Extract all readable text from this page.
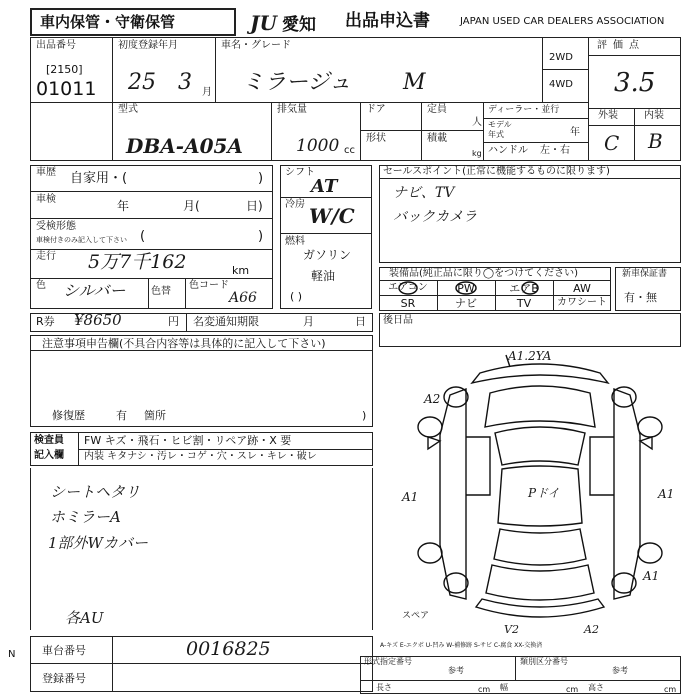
車内保管・守衛保管	JU 愛知 出品申込書	JAPAN USED CAR DEALERS ASSOCIATION
出品番号
[2150]
01011
初度登録年月
25 3 月
車名・グレード
ミラージュ M
2WD
4WD
評価点
3.5
外装	内装
C B
型式
DBA-A05A
排気量
1000 cc
ドア
形状
定員
人
積載
kg
ディーラー・並行
モデル
年式	年
ハンドル 左・右
車歴 自家用・(	)
車検	年	月(	日)
受検形態
車検付きのみ記入して下さい (	)
走行 5万7千162	km
色 シルバー	色替
色コード
A66
シフト
AT
冷房 W/C
燃料
ガソリン
軽油
( )
セールスポイント(正常に機能するものに限ります)
ナビ、TV
バックカメラ
装備品(純正品に限り◯をつけてください)
エアコン	PW	エアB	AW
SR	ナビ	TV	カワシート
新車保証書
有・無
R券 ¥8650	円 名変通知期限	月	日 後日品
注意事項申告欄(不具合内容等は具体的に記入して下さい)
修復歴	有 箇所	)
検査員
記入欄
FW キズ・飛石・ヒビ割・リペア跡・X 要
内装 キタナシ・汚レ・コゲ・穴・スレ・キレ・破レ
シートヘタリ
ホミラーA
1部外Wカバー
各AU
A1.2YA
A2
A1	A1
Pドイ
A1
V2	A2
スペア
A-キズ E-エクボ U-凹み W-補修跡 S-サビ C-腐食 XX-交換済
車台番号	0016825
登録番号
N
形式指定番号
参考
類別区分番号
参考
長さ	cm 幅	cm 高さ	cm
